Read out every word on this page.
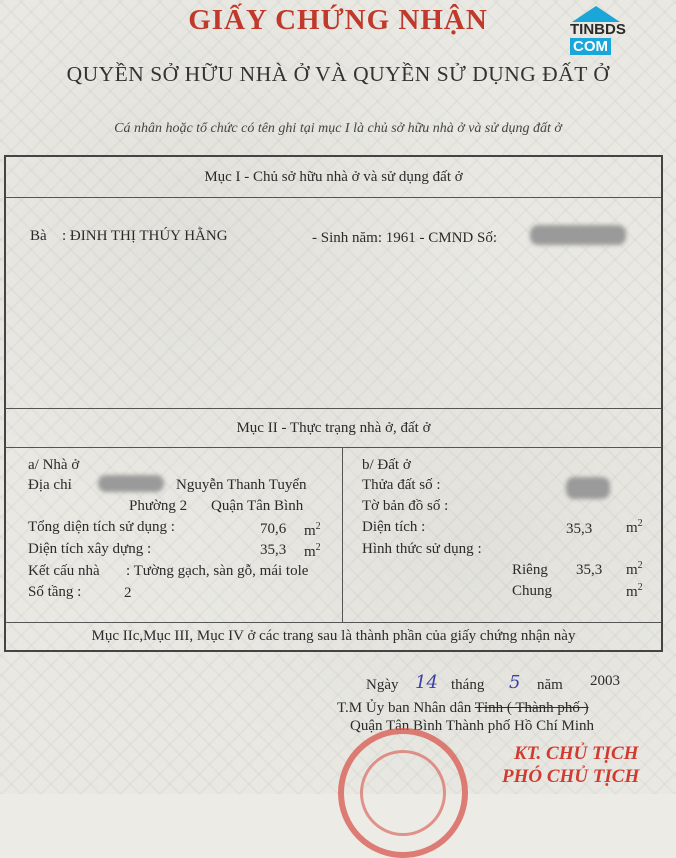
GIẤY CHỨNG NHẬN
QUYỀN SỞ HỮU NHÀ Ở VÀ QUYỀN SỬ DỤNG ĐẤT Ở
Cá nhân hoặc tổ chức có tên ghi tại mục I là chủ sở hữu nhà ở và sử dụng đất ở
TINBDS
COM
Mục I - Chủ sở hữu nhà ở và sử dụng đất ở
Bà : ĐINH THỊ THÚY HẰNG	- Sinh năm: 1961 - CMND Số:
Mục II - Thực trạng nhà ở, đất ở
a/ Nhà ở
Địa chỉ	Nguyễn Thanh Tuyển
Phường 2 Quận Tân Bình
Tổng diện tích sử dụng :	70,6 $m^2$
Diện tích xây dựng :	35,3 $m^2$
Kết cấu nhà : Tường gạch, sàn gỗ, mái tole
Số tầng :	2
b/ Đất ở
Thửa đất số :
Tờ bản đồ số :
Diện tích :	35,3 $m^2$
Hình thức sử dụng :
Riêng 35,3 $m^2$
Chung	$m^2$
Mục IIc,Mục III, Mục IV ở các trang sau là thành phần của giấy chứng nhận này
Ngày 14 tháng 5 năm 2003
T.M Ủy ban Nhân dân Tỉnh ( Thành phố )
Quận Tân Bình Thành phố Hồ Chí Minh
KT. CHỦ TỊCH
PHÓ CHỦ TỊCH
